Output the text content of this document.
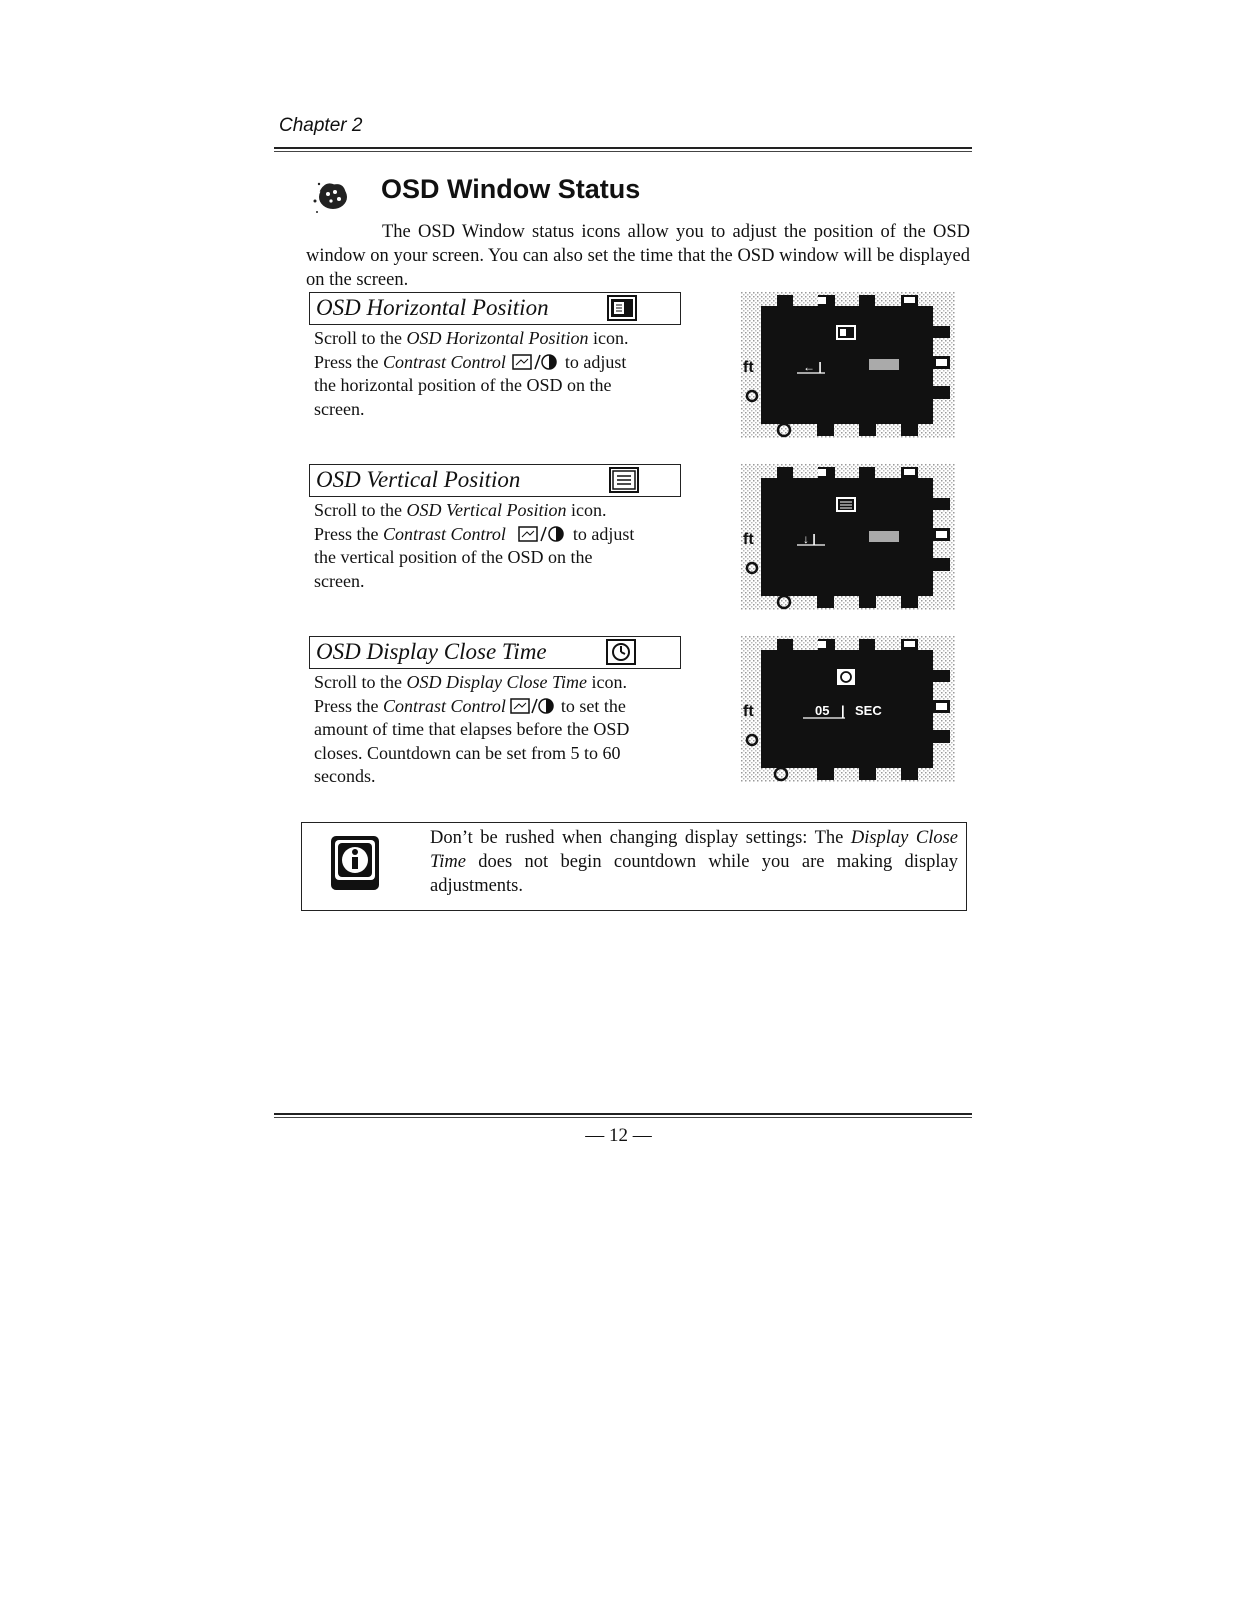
Chapter 2
OSD Window Status
The OSD Window status icons allow you to adjust the position of the OSD window on your screen. You can also set the time that the OSD window will be displayed on the screen.
OSD Horizontal Position
Scroll to the OSD Horizontal Position icon.
Press the Contrast Control	to adjust
the horizontal position of the OSD on the
screen.
OSD Vertical Position
Scroll to the OSD Vertical Position icon.
Press the Contrast Control	to adjust
the vertical position of the OSD on the
screen.
OSD Display Close Time
Scroll to the OSD Display Close Time icon.
Press the Contrast Control	to set the
amount of time that elapses before the OSD
closes. Countdown can be set from 5 to 60
seconds.
ft	← |
ft	↓ |
ft	05 | SEC
Don’t be rushed when changing display settings: The Display Close Time does not begin countdown while you are making display adjustments.
— 12 —
